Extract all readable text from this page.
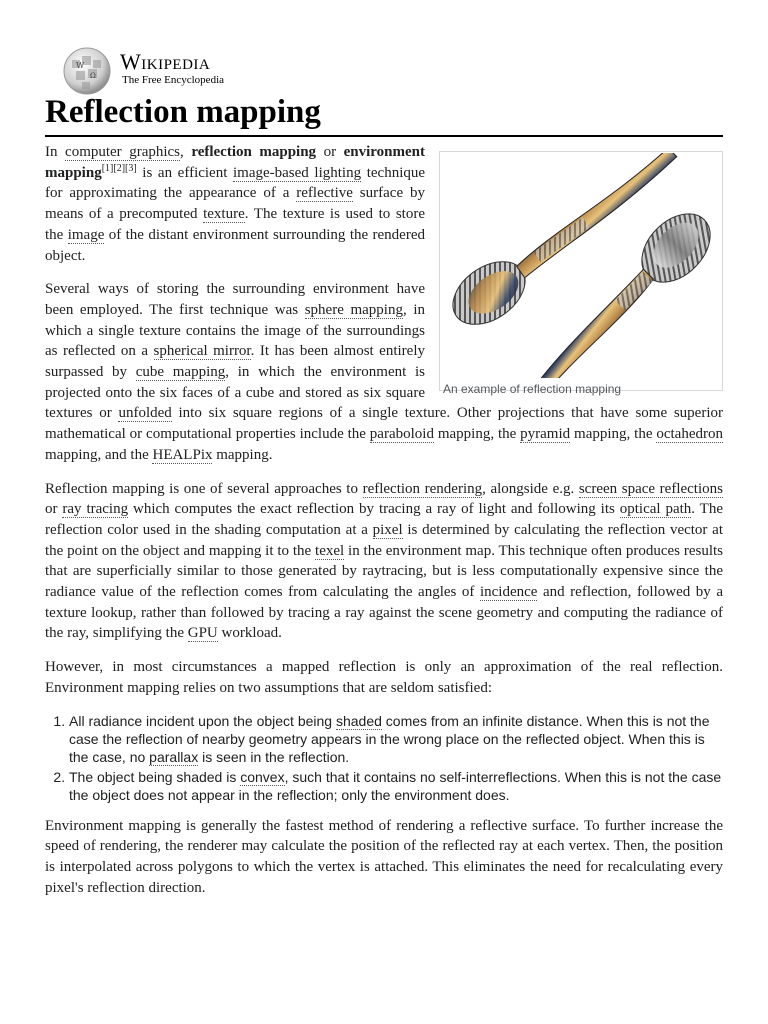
W
Ω
Wikipedia
The Free Encyclopedia
Reflection mapping
An example of reflection mapping

In computer graphics, reflection mapping or environment mapping[1][2][3] is an efficient image-based lighting technique for approximating the appearance of a reflective surface by means of a precomputed texture. The texture is used to store the image of the distant environment surrounding the rendered object.

Several ways of storing the surrounding environment have been employed. The first technique was sphere mapping, in which a single texture contains the image of the surroundings as reflected on a spherical mirror. It has been almost entirely surpassed by cube mapping, in which the environment is projected onto the six faces of a cube and stored as six square textures or unfolded into six square regions of a single texture. Other projections that have some superior mathematical or computational properties include the paraboloid mapping, the pyramid mapping, the octahedron mapping, and the HEALPix mapping.

Reflection mapping is one of several approaches to reflection rendering, alongside e.g. screen space reflections or ray tracing which computes the exact reflection by tracing a ray of light and following its optical path. The reflection color used in the shading computation at a pixel is determined by calculating the reflection vector at the point on the object and mapping it to the texel in the environment map. This technique often produces results that are superficially similar to those generated by raytracing, but is less computationally expensive since the radiance value of the reflection comes from calculating the angles of incidence and reflection, followed by a texture lookup, rather than followed by tracing a ray against the scene geometry and computing the radiance of the ray, simplifying the GPU workload.

However, in most circumstances a mapped reflection is only an approximation of the real reflection. Environment mapping relies on two assumptions that are seldom satisfied:

1. All radiance incident upon the object being shaded comes from an infinite distance. When this is not the case the reflection of nearby geometry appears in the wrong place on the reflected object. When this is the case, no parallax is seen in the reflection.
2. The object being shaded is convex, such that it contains no self-interreflections. When this is not the case the object does not appear in the reflection; only the environment does.

Environment mapping is generally the fastest method of rendering a reflective surface. To further increase the speed of rendering, the renderer may calculate the position of the reflected ray at each vertex. Then, the position is interpolated across polygons to which the vertex is attached. This eliminates the need for recalculating every pixel's reflection direction.
